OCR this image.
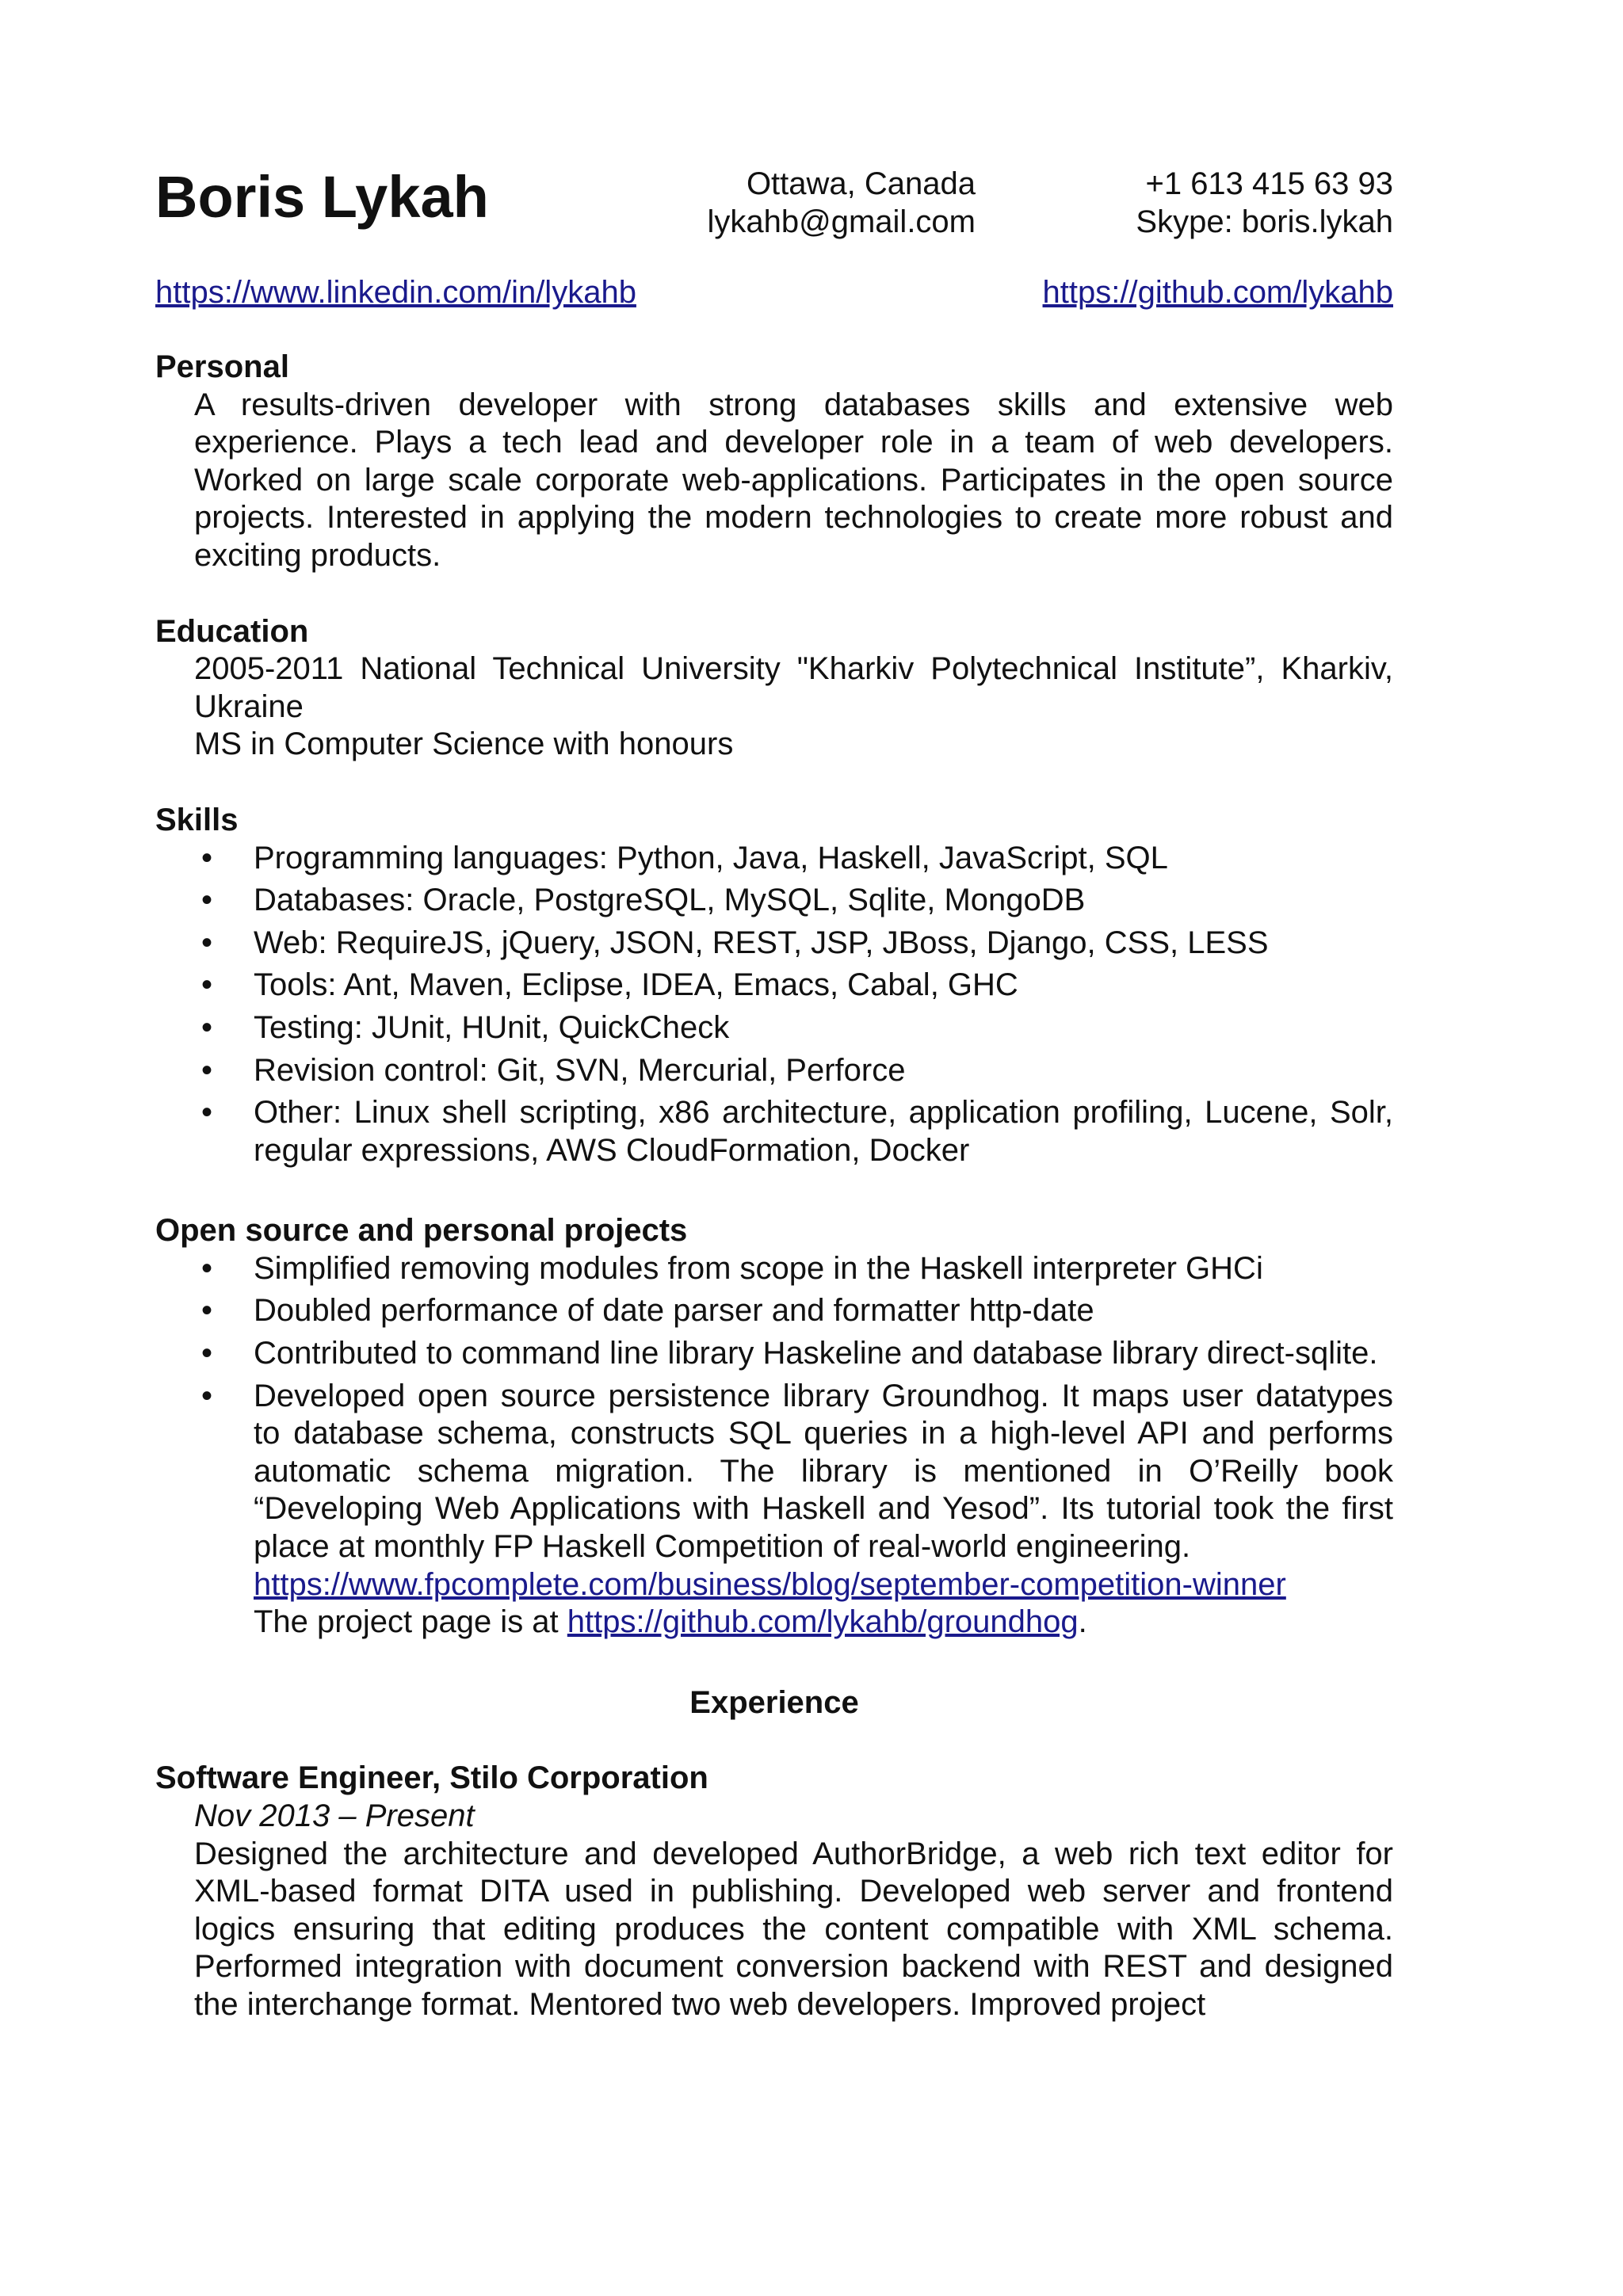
Boris Lykah	Ottawa, Canada
lykahb@gmail.com
+1 613 415 63 93
Skype: boris.lykah
https://www.linkedin.com/in/lykahb	https://github.com/lykahb

Personal

A results-driven developer with strong databases skills and extensive web experience. Plays a tech lead and developer role in a team of web developers. Worked on large scale corporate web-applications. Participates in the open source projects. Interested in applying the modern technologies to create more robust and exciting products.

Education

2005-2011 National Technical University "Kharkiv Polytechnical Institute”, Kharkiv, Ukraine

MS in Computer Science with honours

Skills

• Programming languages: Python, Java, Haskell, JavaScript, SQL
• Databases: Oracle, PostgreSQL, MySQL, Sqlite, MongoDB
• Web: RequireJS, jQuery, JSON, REST, JSP, JBoss, Django, CSS, LESS
• Tools: Ant, Maven, Eclipse, IDEA, Emacs, Cabal, GHC
• Testing: JUnit, HUnit, QuickCheck
• Revision control: Git, SVN, Mercurial, Perforce
• Other: Linux shell scripting, x86 architecture, application profiling, Lucene, Solr, regular expressions, AWS CloudFormation, Docker

Open source and personal projects

• Simplified removing modules from scope in the Haskell interpreter GHCi
• Doubled performance of date parser and formatter http-date
• Contributed to command line library Haskeline and database library direct-sqlite.
• Developed open source persistence library Groundhog. It maps user datatypes to database schema, constructs SQL queries in a high-level API and performs automatic schema migration. The library is mentioned in O’Reilly book “Developing Web Applications with Haskell and Yesod”. Its tutorial took the first place at monthly FP Haskell Competition of real-world engineering.
https://www.fpcomplete.com/business/blog/september-competition-winner
The project page is at https://github.com/lykahb/groundhog.

Experience

Software Engineer, Stilo Corporation

Nov 2013 – Present

Designed the architecture and developed AuthorBridge, a web rich text editor for XML-based format DITA used in publishing. Developed web server and frontend logics ensuring that editing produces the content compatible with XML schema. Performed integration with document conversion backend with REST and designed the interchange format. Mentored two web developers. Improved project
